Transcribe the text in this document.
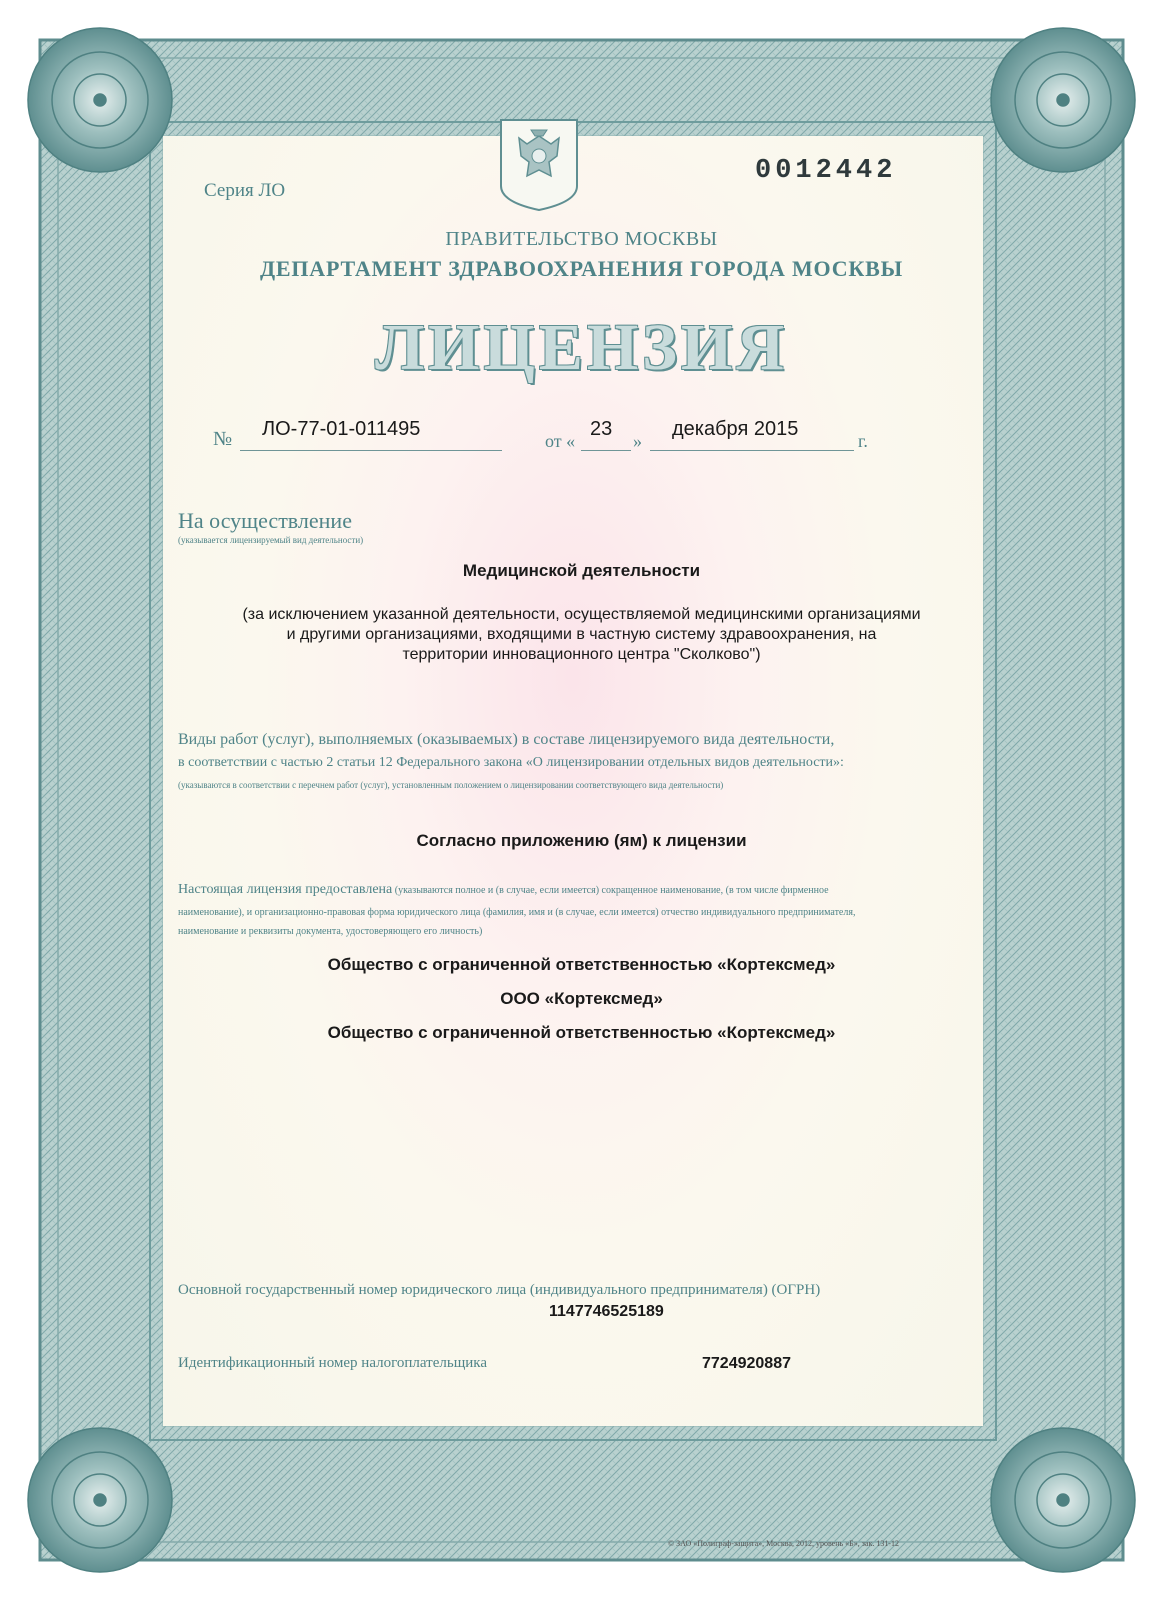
Серия ЛО

0012442

ПРАВИТЕЛЬСТВО МОСКВЫ

ДЕПАРТАМЕНТ ЗДРАВООХРАНЕНИЯ ГОРОДА МОСКВЫ

ЛИЦЕНЗИЯ

№ ЛО-77-01-011495

от «

23

»

декабря 2015

г.

На осуществление

(указывается лицензируемый вид деятельности)

Медицинской деятельности

(за исключением указанной деятельности, осуществляемой медицинскими организациями

и другими организациями, входящими в частную систему здравоохранения, на

территории инновационного центра "Сколково")

Виды работ (услуг), выполняемых (оказываемых) в составе лицензируемого вида деятельности,

в соответствии с частью 2 статьи 12 Федерального закона «О лицензировании отдельных видов деятельности»:

(указываются в соответствии с перечнем работ (услуг), установленным положением о лицензировании соответствующего вида деятельности)

Согласно приложению (ям) к лицензии

Настоящая лицензия предоставлена (указываются полное и (в случае, если имеется) сокращенное наименование, (в том числе фирменное

наименование), и организационно-правовая форма юридического лица (фамилия, имя и (в случае, если имеется) отчество индивидуального предпринимателя,

наименование и реквизиты документа, удостоверяющего его личность)

Общество с ограниченной ответственностью «Кортексмед»

ООО «Кортексмед»

Общество с ограниченной ответственностью «Кортексмед»

Основной государственный номер юридического лица (индивидуального предпринимателя) (ОГРН)

1147746525189

Идентификационный номер налогоплательщика	7724920887

© ЗАО «Полиграф-защита», Москва, 2012, уровень «Б», зак. 131-12
